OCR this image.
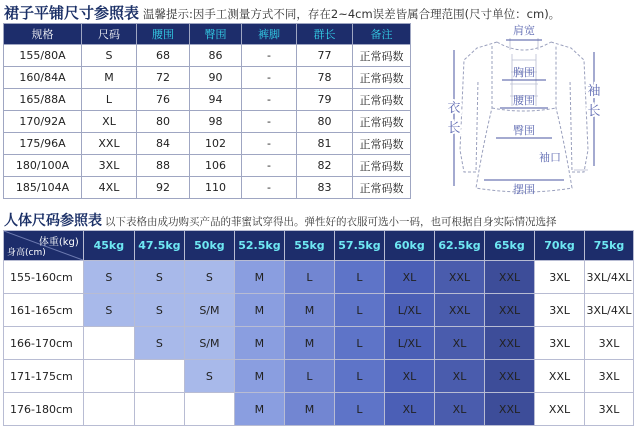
裙子平铺尺寸参照表 温馨提示:因手工测量方式不同，存在2~4cm误差皆属合理范围(尺寸单位：cm)。
规格	尺码	腰围	臀围	裤脚	群长	备注
155/80A	S	68	86	-	77	正常码数
160/84A	M	72	90	-	78	正常码数
165/88A	L	76	94	-	79	正常码数
170/92A	XL	80	98	-	80	正常码数
175/96A	XXL	84	102	-	81	正常码数
180/100A	3XL	88	106	-	82	正常码数
185/104A	4XL	92	110	-	83	正常码数
肩宽
胸围
腰围
臀围
摆围
衣
长
袖
长
袖口
人体尺码参照表 以下表格由成功购买产品的菲蜜试穿得出。弹性好的衣服可选小一码，也可根据自身实际情况选择
体重(kg)
身高(cm)	45kg	47.5kg	50kg	52.5kg	55kg	57.5kg	60kg	62.5kg	65kg	70kg	75kg
155-160cm	S	S	S	M	L	L	XL	XXL	XXL	3XL	3XL/4XL
161-165cm	S	S	S/M	M	M	L	L/XL	XXL	XXL	3XL	3XL/4XL
166-170cm		S	S/M	M	M	L	L/XL	XL	XXL	3XL	3XL
171-175cm			S	M	L	L	XL	XL	XXL	XXL	3XL
176-180cm				M	M	L	XL	XL	XXL	XXL	3XL
